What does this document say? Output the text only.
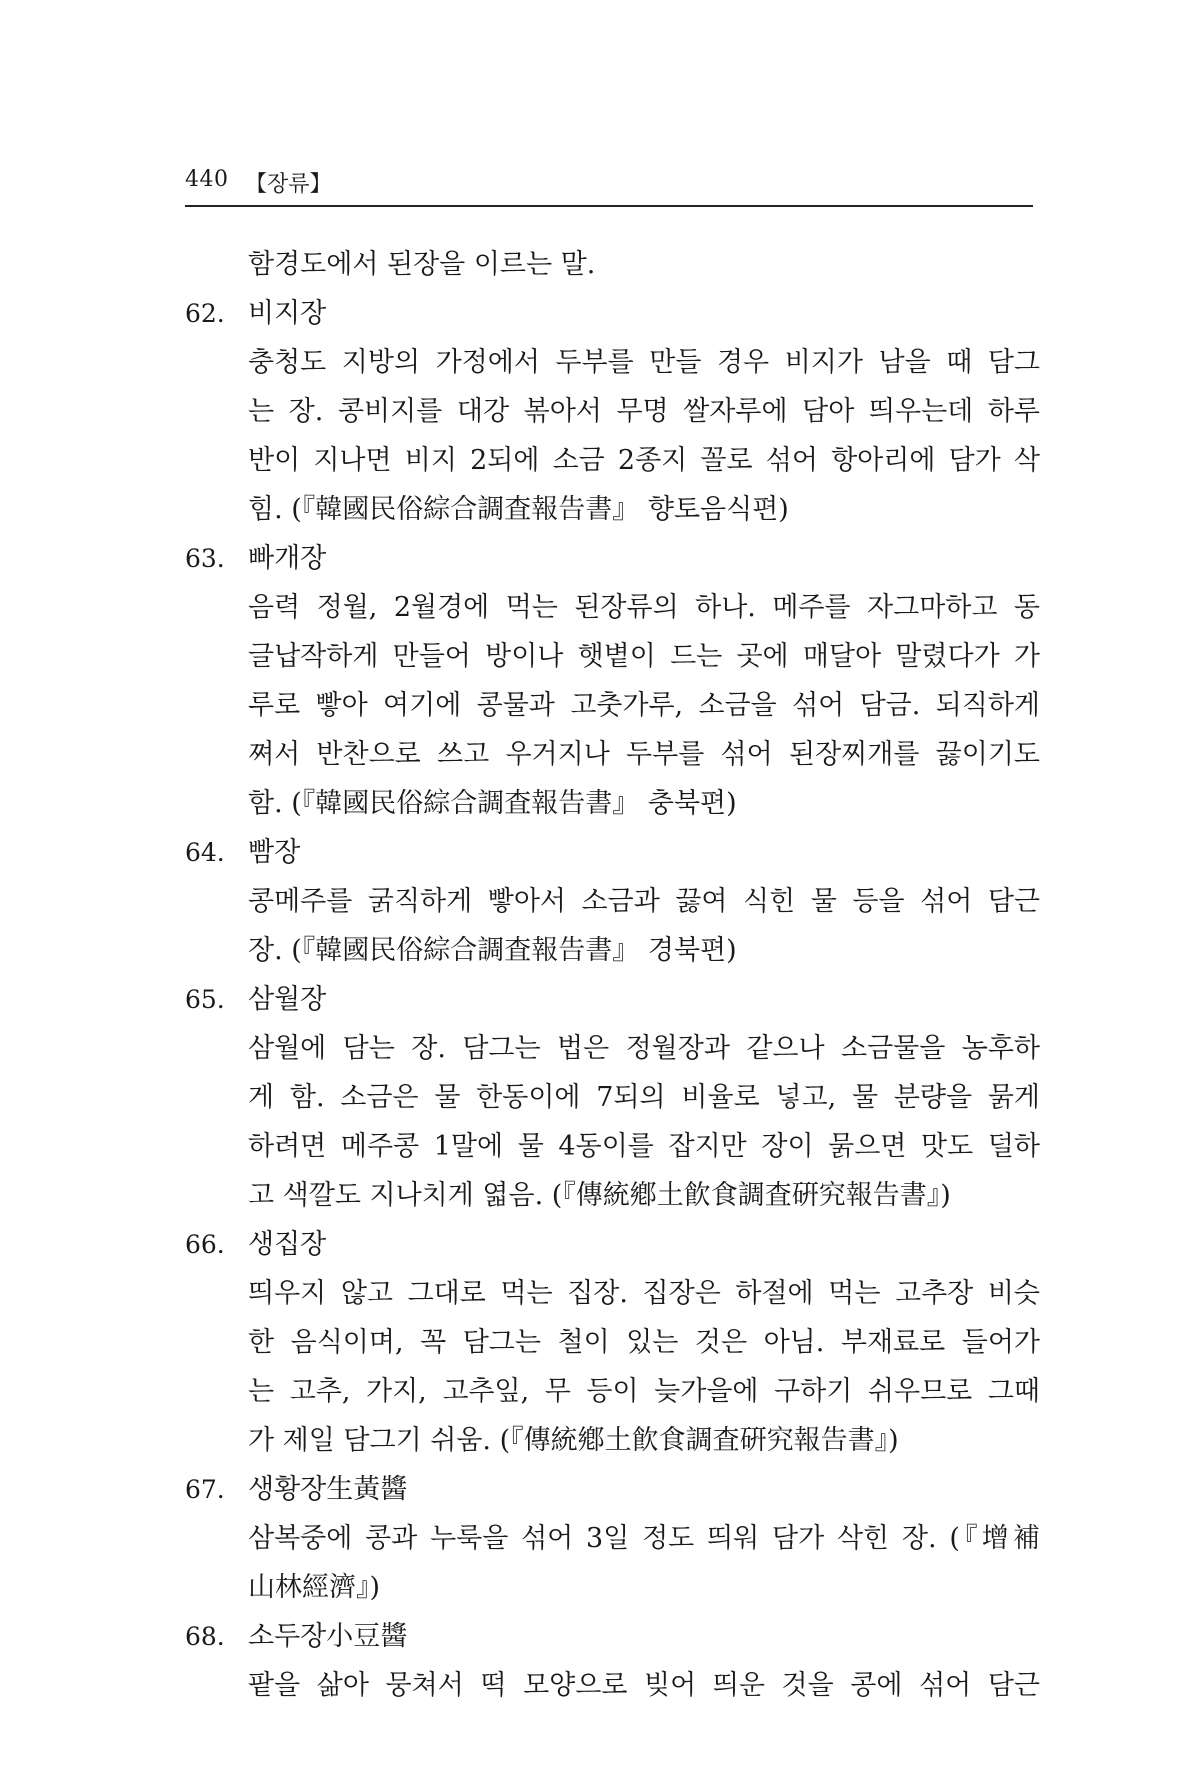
440 【장류】
함경도에서 된장을 이르는 말.
62. 비지장
충청도 지방의 가정에서 두부를 만들 경우 비지가 남을 때 담그
는 장. 콩비지를 대강 볶아서 무명 쌀자루에 담아 띄우는데 하루
반이 지나면 비지 2되에 소금 2종지 꼴로 섞어 항아리에 담가 삭
힘. (『韓國民俗綜合調査報告書』 향토음식편)
63. 빠개장
음력 정월, 2월경에 먹는 된장류의 하나. 메주를 자그마하고 동
글납작하게 만들어 방이나 햇볕이 드는 곳에 매달아 말렸다가 가
루로 빻아 여기에 콩물과 고춧가루, 소금을 섞어 담금. 되직하게
쪄서 반찬으로 쓰고 우거지나 두부를 섞어 된장찌개를 끓이기도
함. (『韓國民俗綜合調査報告書』 충북편)
64. 빰장
콩메주를 굵직하게 빻아서 소금과 끓여 식힌 물 등을 섞어 담근
장. (『韓國民俗綜合調査報告書』 경북편)
65. 삼월장
삼월에 담는 장. 담그는 법은 정월장과 같으나 소금물을 농후하
게 함. 소금은 물 한동이에 7되의 비율로 넣고, 물 분량을 묽게
하려면 메주콩 1말에 물 4동이를 잡지만 장이 묽으면 맛도 덜하
고 색깔도 지나치게 엷음. (『傳統鄕土飮食調査硏究報告書』)
66. 생집장
띄우지 않고 그대로 먹는 집장. 집장은 하절에 먹는 고추장 비슷
한 음식이며, 꼭 담그는 철이 있는 것은 아님. 부재료로 들어가
는 고추, 가지, 고추잎, 무 등이 늦가을에 구하기 쉬우므로 그때
가 제일 담그기 쉬움. (『傳統鄕土飮食調査硏究報告書』)
67. 생황장生黃醬
삼복중에 콩과 누룩을 섞어 3일 정도 띄워 담가 삭힌 장. (『增補
山林經濟』)
68. 소두장小豆醬
팥을 삶아 뭉쳐서 떡 모양으로 빚어 띄운 것을 콩에 섞어 담근
